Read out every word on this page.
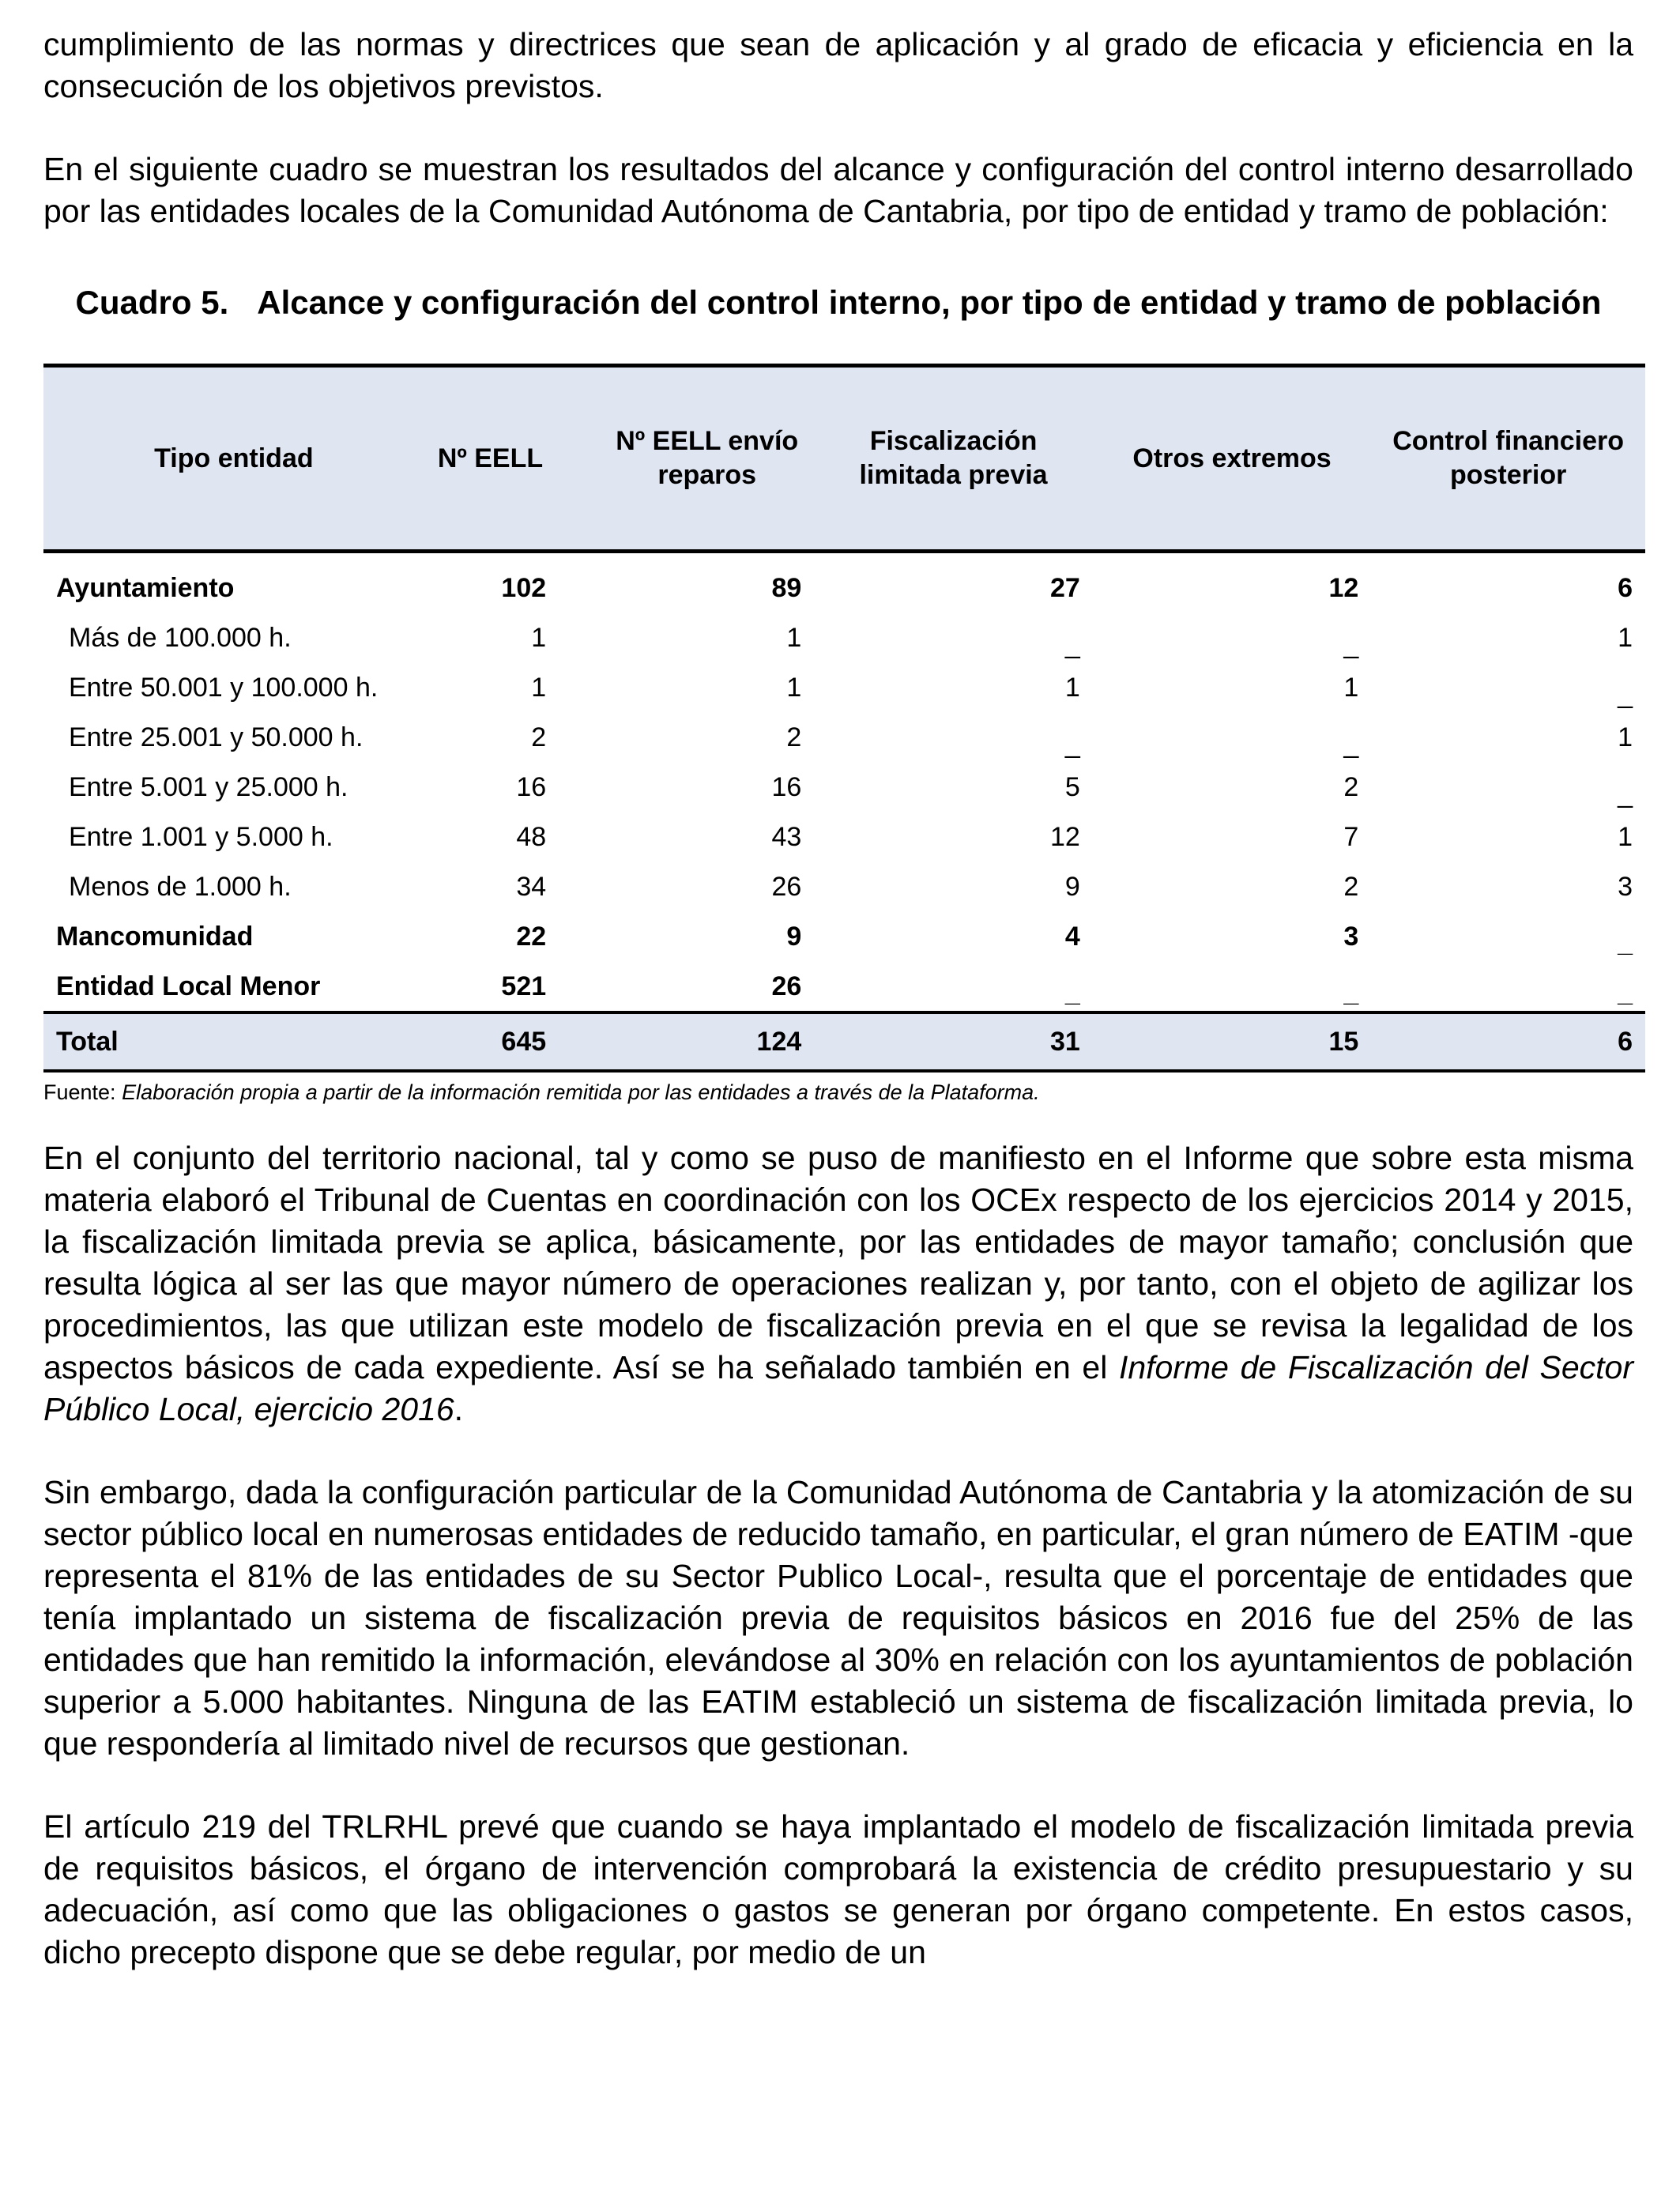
cumplimiento de las normas y directrices que sean de aplicación y al grado de eficacia y eficiencia en la consecución de los objetivos previstos.

En el siguiente cuadro se muestran los resultados del alcance y configuración del control interno desarrollado por las entidades locales de la Comunidad Autónoma de Cantabria, por tipo de entidad y tramo de población:

Cuadro 5. Alcance y configuración del control interno, por tipo de entidad y tramo de población
Tipo entidad	Nº EELL	Nº EELL envío reparos	Fiscalización limitada previa	Otros extremos	Control financiero posterior
Ayuntamiento	102	89	27	12	6
Más de 100.000 h.	1	1	_	_	1
Entre 50.001 y 100.000 h.	1	1	1	1	_
Entre 25.001 y 50.000 h.	2	2	_	_	1
Entre 5.001 y 25.000 h.	16	16	5	2	_
Entre 1.001 y 5.000 h.	48	43	12	7	1
Menos de 1.000 h.	34	26	9	2	3
Mancomunidad	22	9	4	3	_
Entidad Local Menor	521	26	_	_	_
Total	645	124	31	15	6
Fuente: Elaboración propia a partir de la información remitida por las entidades a través de la Plataforma.

En el conjunto del territorio nacional, tal y como se puso de manifiesto en el Informe que sobre esta misma materia elaboró el Tribunal de Cuentas en coordinación con los OCEx respecto de los ejercicios 2014 y 2015, la fiscalización limitada previa se aplica, básicamente, por las entidades de mayor tamaño; conclusión que resulta lógica al ser las que mayor número de operaciones realizan y, por tanto, con el objeto de agilizar los procedimientos, las que utilizan este modelo de fiscalización previa en el que se revisa la legalidad de los aspectos básicos de cada expediente. Así se ha señalado también en el Informe de Fiscalización del Sector Público Local, ejercicio 2016.

Sin embargo, dada la configuración particular de la Comunidad Autónoma de Cantabria y la atomización de su sector público local en numerosas entidades de reducido tamaño, en particular, el gran número de EATIM -que representa el 81% de las entidades de su Sector Publico Local-, resulta que el porcentaje de entidades que tenía implantado un sistema de fiscalización previa de requisitos básicos en 2016 fue del 25% de las entidades que han remitido la información, elevándose al 30% en relación con los ayuntamientos de población superior a 5.000 habitantes. Ninguna de las EATIM estableció un sistema de fiscalización limitada previa, lo que respondería al limitado nivel de recursos que gestionan.

El artículo 219 del TRLRHL prevé que cuando se haya implantado el modelo de fiscalización limitada previa de requisitos básicos, el órgano de intervención comprobará la existencia de crédito presupuestario y su adecuación, así como que las obligaciones o gastos se generan por órgano competente. En estos casos, dicho precepto dispone que se debe regular, por medio de un
